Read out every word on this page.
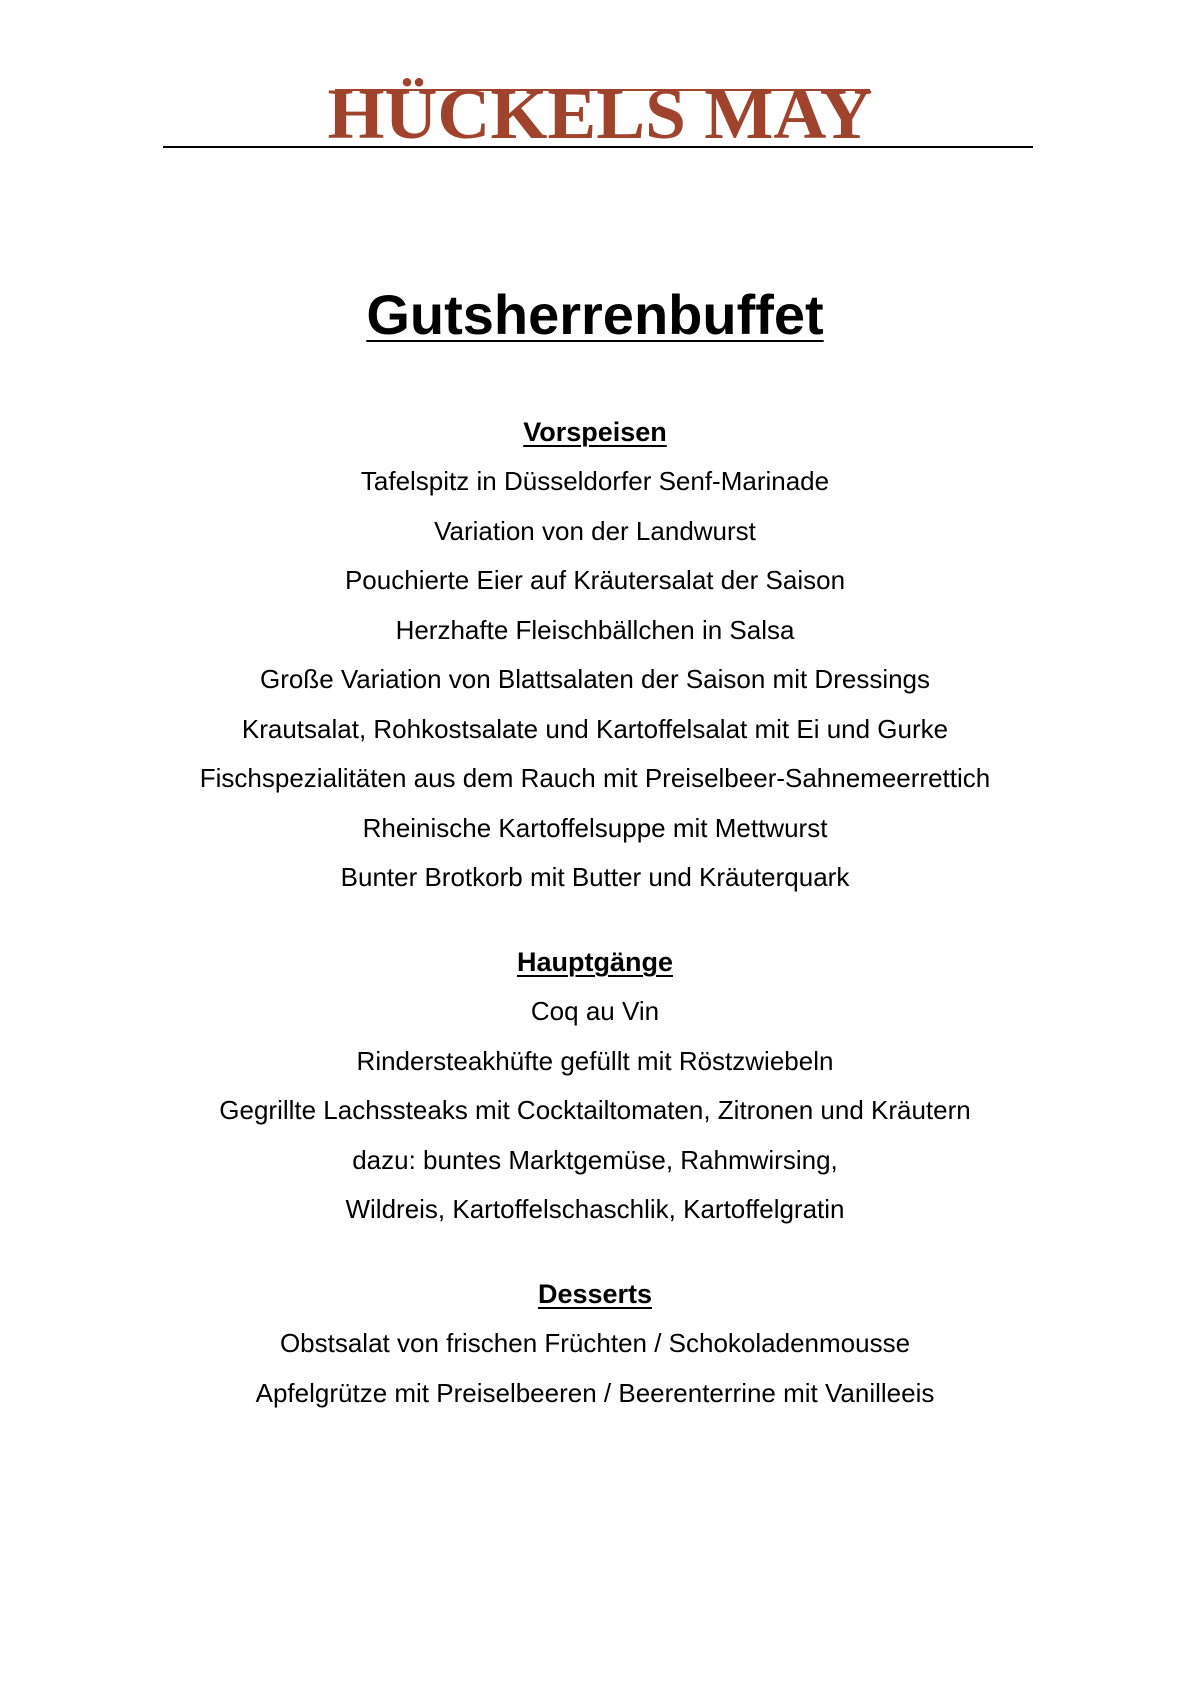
HÜCKELS MAY
Gutsherrenbuffet
Vorspeisen

Tafelspitz in Düsseldorfer Senf-Marinade

Variation von der Landwurst

Pouchierte Eier auf Kräutersalat der Saison

Herzhafte Fleischbällchen in Salsa

Große Variation von Blattsalaten der Saison mit Dressings

Krautsalat, Rohkostsalate und Kartoffelsalat mit Ei und Gurke

Fischspezialitäten aus dem Rauch mit Preiselbeer-Sahnemeerrettich

Rheinische Kartoffelsuppe mit Mettwurst

Bunter Brotkorb mit Butter und Kräuterquark

Hauptgänge

Coq au Vin

Rindersteakhüfte gefüllt mit Röstzwiebeln

Gegrillte Lachssteaks mit Cocktailtomaten, Zitronen und Kräutern

dazu: buntes Marktgemüse, Rahmwirsing,

Wildreis, Kartoffelschaschlik, Kartoffelgratin

Desserts

Obstsalat von frischen Früchten / Schokoladenmousse

Apfelgrütze mit Preiselbeeren / Beerenterrine mit Vanilleeis
